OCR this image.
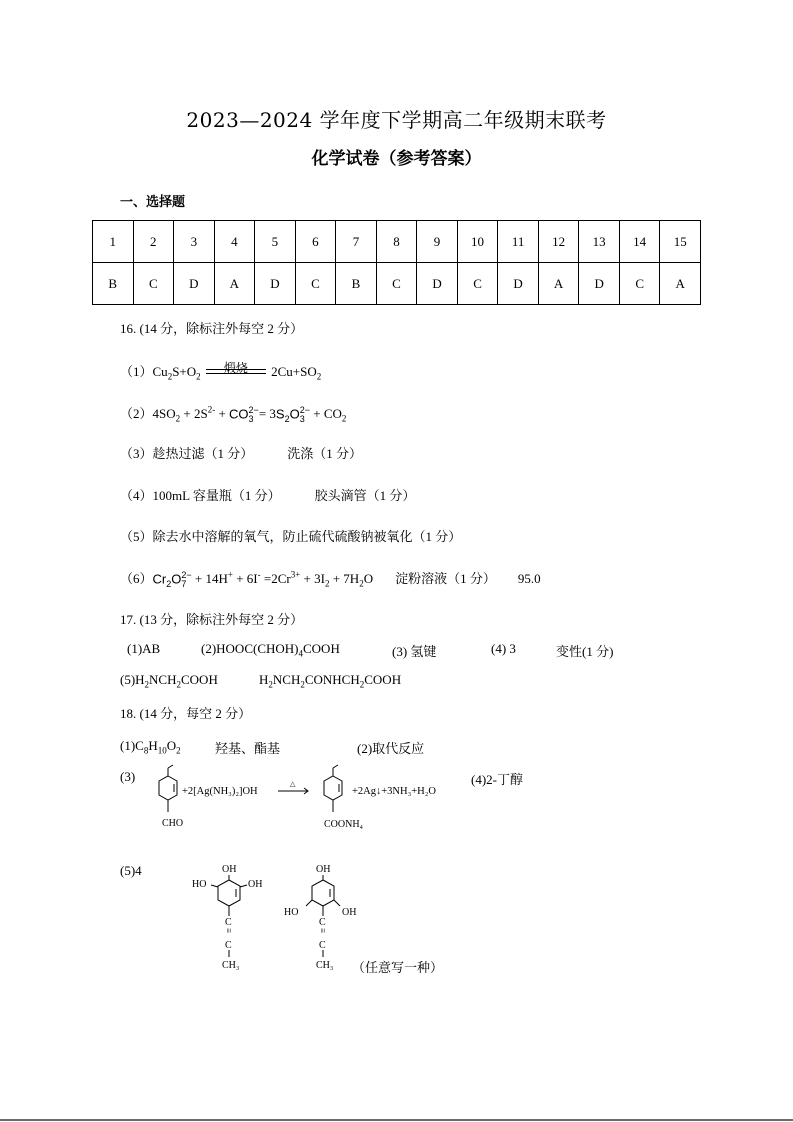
2023—2024 学年度下学期高二年级期末联考
化学试卷（参考答案）
一、选择题
1	2	3	4	5	6	7	8	9	10	11	12	13	14	15
B	C	D	A	D	C	B	C	D	C	D	A	D	C	A
16. (14 分，除标注外每空 2 分）
$(1)Cu_2S+O_2$ 煅烧 $2Cu+SO_2$
$(2)4SO_2 + 2S^{2-}$ + CO 2−
$3 = 3S_2O$ 2−
$3 + CO_2$
（3）趁热过滤（1 分）	洗涤（1 分）
（4）100mL 容量瓶（1 分）	胶头滴管（1 分）
（5）除去水中溶解的氧气，防止硫代硫酸钠被氧化（1 分）
$(6)Cr_2O$ 2−
$7 + 14H^+ + 6I^- =2Cr^{3+} + 3I_2 + 7H_2O$ 淀粉溶液（1 分） 95.0
17. (13 分，除标注外每空 2 分）
(1)AB	$(2)HOOC(CHOH)_4COOH$	(3) 氢键	(4) 3	变性(1 分)
$(5)H_2NCH_2COOH$	$H_2NCH_2CONHCH_2COOH$
18. (14 分，每空 2 分）
$(1)C_8H_{10}O_2$	羟基、酯基	(2)取代反应
(3)	(4)2-丁醇
CHO
+2[Ag(NH₃)₂]OH
△
COONH₄
+2Ag↓+3NH₃+H₂O
(5)4	OH
HO	OH
C
≡
C
CH₃
OH
HO	OH
C
≡
C
CH₃ （任意写一种）
